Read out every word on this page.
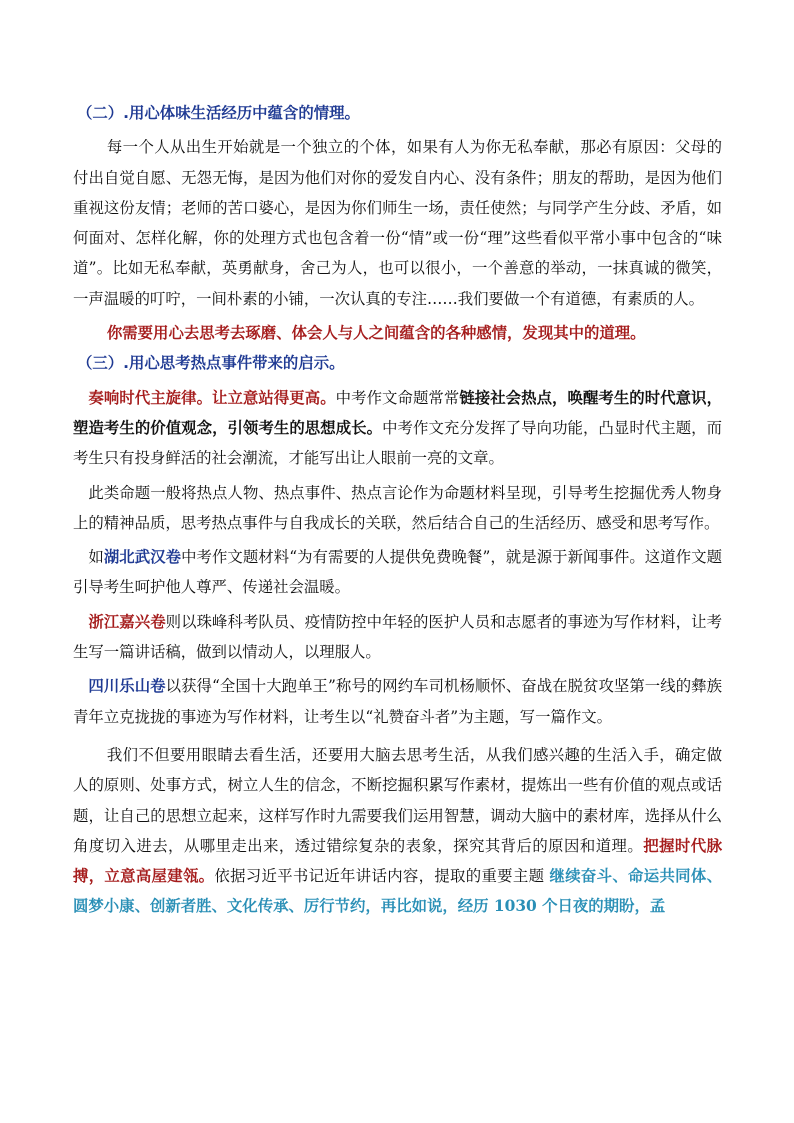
（二）.用心体味生活经历中蕴含的情理。

每一个人从出生开始就是一个独立的个体，如果有人为你无私奉献，那必有原因：父母的付出自觉自愿、无怨无悔，是因为他们对你的爱发自内心、没有条件；朋友的帮助，是因为他们重视这份友情；老师的苦口婆心，是因为你们师生一场，责任使然；与同学产生分歧、矛盾，如何面对、怎样化解，你的处理方式也包含着一份“情”或一份“理”这些看似平常小事中包含的“味道”。比如无私奉献，英勇献身，舍己为人，也可以很小，一个善意的举动，一抹真诚的微笑，一声温暖的叮咛，一间朴素的小铺，一次认真的专注……我们要做一个有道德，有素质的人。

你需要用心去思考去琢磨、体会人与人之间蕴含的各种感情，发现其中的道理。

（三）.用心思考热点事件带来的启示。

奏响时代主旋律。让立意站得更高。中考作文命题常常链接社会热点，唤醒考生的时代意识，塑造考生的价值观念，引领考生的思想成长。中考作文充分发挥了导向功能，凸显时代主题，而考生只有投身鲜活的社会潮流，才能写出让人眼前一亮的文章。

此类命题一般将热点人物、热点事件、热点言论作为命题材料呈现，引导考生挖掘优秀人物身上的精神品质，思考热点事件与自我成长的关联，然后结合自己的生活经历、感受和思考写作。

如湖北武汉卷中考作文题材料“为有需要的人提供免费晚餐”，就是源于新闻事件。这道作文题引导考生呵护他人尊严、传递社会温暖。

浙江嘉兴卷则以珠峰科考队员、疫情防控中年轻的医护人员和志愿者的事迹为写作材料，让考生写一篇讲话稿，做到以情动人，以理服人。

四川乐山卷以获得“全国十大跑单王”称号的网约车司机杨顺怀、奋战在脱贫攻坚第一线的彝族青年立克拢拢的事迹为写作材料，让考生以“礼赞奋斗者”为主题，写一篇作文。

我们不但要用眼睛去看生活，还要用大脑去思考生活，从我们感兴趣的生活入手，确定做人的原则、处事方式，树立人生的信念，不断挖掘积累写作素材，提炼出一些有价值的观点或话题，让自己的思想立起来，这样写作时九需要我们运用智慧，调动大脑中的素材库，选择从什么角度切入进去，从哪里走出来，透过错综复杂的表象，探究其背后的原因和道理。把握时代脉搏，立意高屋建瓴。依据习近平书记近年讲话内容，提取的重要主题 继续奋斗、命运共同体、圆梦小康、创新者胜、文化传承、厉行节约，再比如说，经历 1030 个日夜的期盼，孟
